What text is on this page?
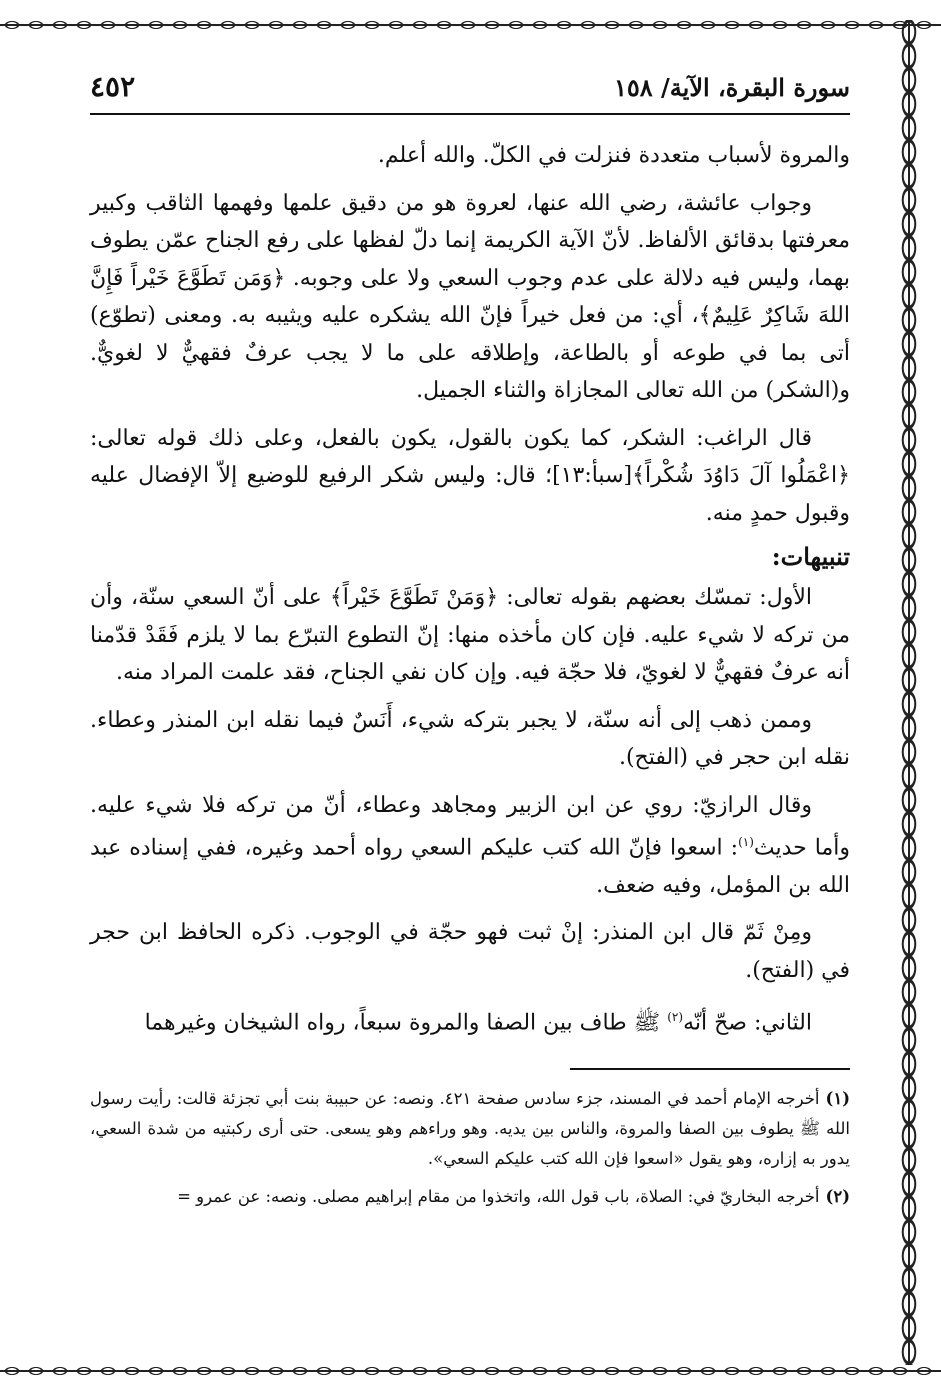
سورة البقرة، الآية/ ١٥٨
٤٥٢

والمروة لأسباب متعددة فنزلت في الكلّ. والله أعلم.

وجواب عائشة، رضي الله عنها، لعروة هو من دقيق علمها وفهمها الثاقب وكبير معرفتها بدقائق الألفاظ. لأنّ الآية الكريمة إنما دلّ لفظها على رفع الجناح عمّن يطوف بهما، وليس فيه دلالة على عدم وجوب السعي ولا على وجوبه. ﴿وَمَن تَطَوَّعَ خَيْراً فَإِنَّ اللهَ شَاكِرٌ عَلِيمٌ﴾، أي: من فعل خيراً فإنّ الله يشكره عليه ويثيبه به. ومعنى (تطوّع) أتى بما في طوعه أو بالطاعة، وإطلاقه على ما لا يجب عرفٌ فقهيٌّ لا لغويٌّ. و(الشكر) من الله تعالى المجازاة والثناء الجميل.

قال الراغب: الشكر، كما يكون بالقول، يكون بالفعل، وعلى ذلك قوله تعالى: ﴿اعْمَلُوا آلَ دَاوُدَ شُكْراً﴾[سبأ:١٣]؛ قال: وليس شكر الرفيع للوضيع إلاّ الإفضال عليه وقبول حمدٍ منه.

تنبيهات:

الأول: تمسّك بعضهم بقوله تعالى: ﴿وَمَنْ تَطَوَّعَ خَيْراً﴾ على أنّ السعي سنّة، وأن من تركه لا شيء عليه. فإن كان مأخذه منها: إنّ التطوع التبرّع بما لا يلزم فَقَدْ قدّمنا أنه عرفٌ فقهيٌّ لا لغويّ، فلا حجّة فيه. وإن كان نفي الجناح، فقد علمت المراد منه.

وممن ذهب إلى أنه سنّة، لا يجبر بتركه شيء، أَنَسٌ فيما نقله ابن المنذر وعطاء. نقله ابن حجر في (الفتح).

وقال الرازيّ: روي عن ابن الزبير ومجاهد وعطاء، أنّ من تركه فلا شيء عليه. وأما حديث$^{(١)}$: اسعوا فإنّ الله كتب عليكم السعي رواه أحمد وغيره، ففي إسناده عبد الله بن المؤمل، وفيه ضعف.

ومِنْ ثَمّ قال ابن المنذر: إنْ ثبت فهو حجّة في الوجوب. ذكره الحافظ ابن حجر في (الفتح).

الثاني: صحّ أنّه$^{(٢)}$ ﷺ طاف بين الصفا والمروة سبعاً، رواه الشيخان وغيرهما

(١)أخرجه الإمام أحمد في المسند، جزء سادس صفحة ٤٢١. ونصه: عن حبيبة بنت أبي تجزئة قالت: رأيت رسول الله ﷺ يطوف بين الصفا والمروة، والناس بين يديه. وهو وراءهم وهو يسعى. حتى أرى ركبتيه من شدة السعي، يدور به إزاره، وهو يقول «اسعوا فإن الله كتب عليكم السعي».

(٢)أخرجه البخاريّ في: الصلاة، باب قول الله، واتخذوا من مقام إبراهيم مصلى. ونصه: عن عمرو =
